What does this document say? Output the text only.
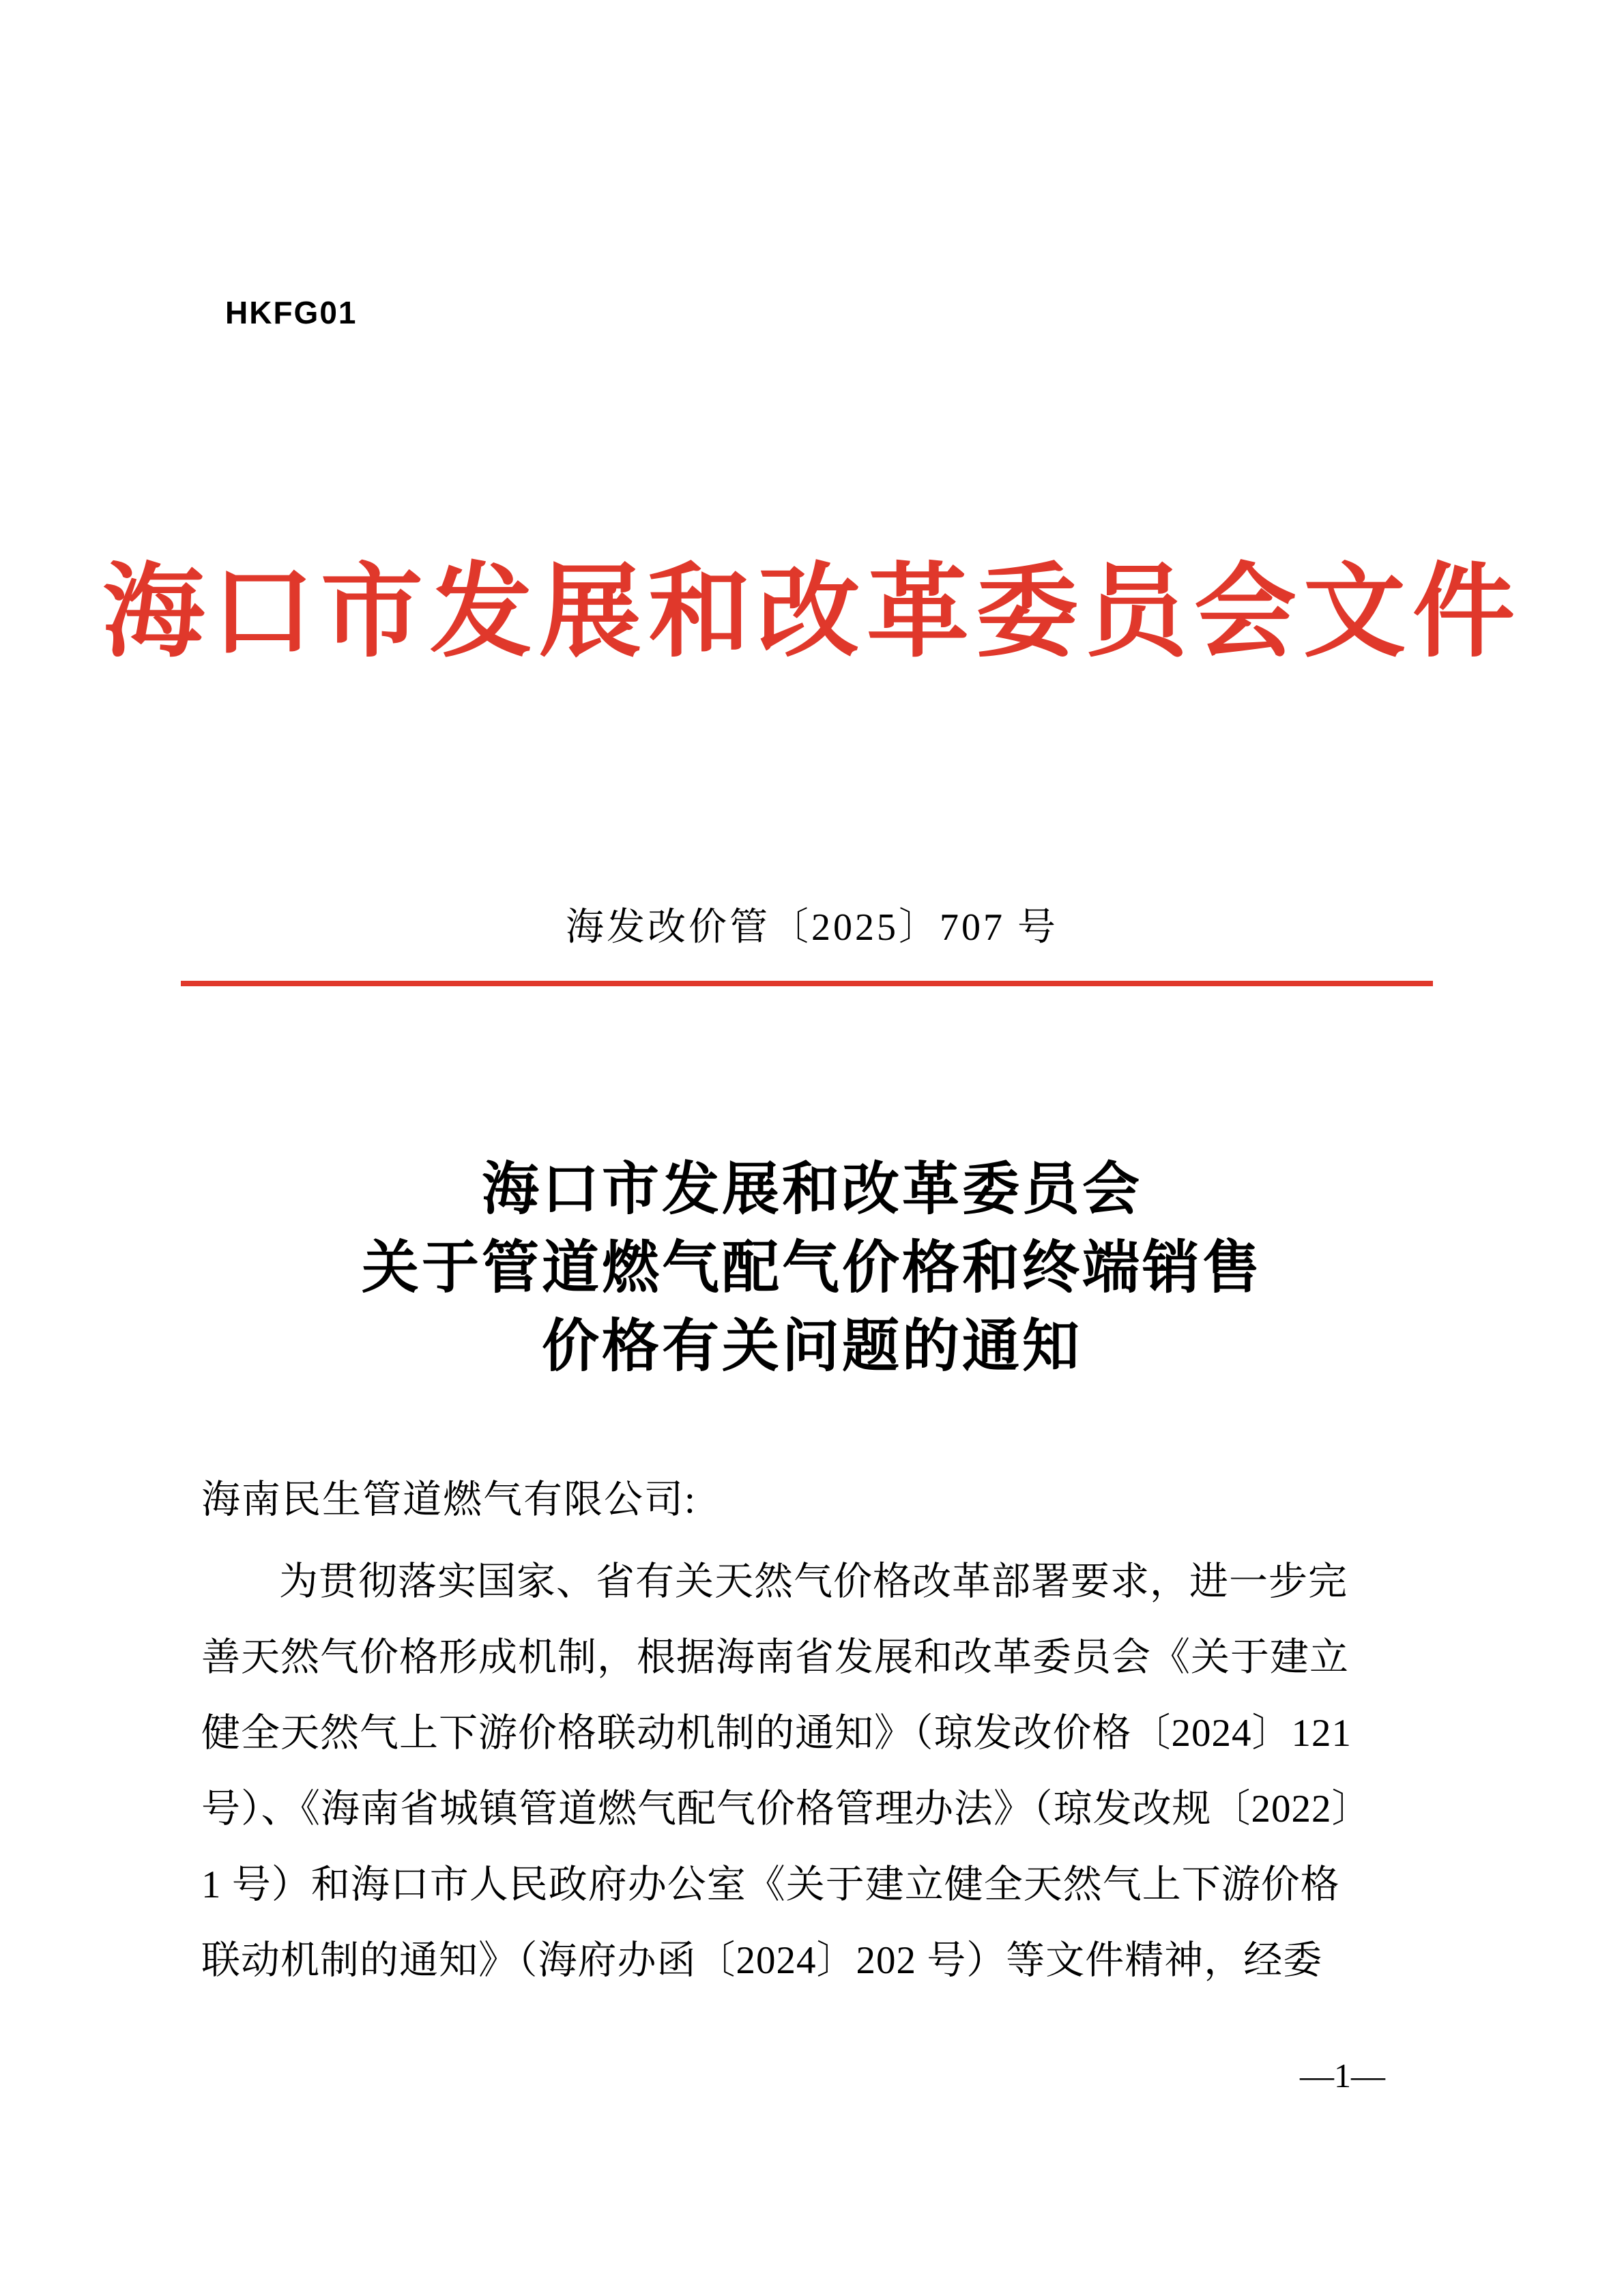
HKFG01
海口市发展和改革委员会文件
海发改价管〔2025〕707 号
海口市发展和改革委员会
关于管道燃气配气价格和终端销售
价格有关问题的通知
海南民生管道燃气有限公司:
为贯彻落实国家、省有关天然气价格改革部署要求，进一步完
善天然气价格形成机制，根据海南省发展和改革委员会《关于建立
健全天然气上下游价格联动机制的通知》（琼发改价格〔2024〕121
号）、《海南省城镇管道燃气配气价格管理办法》（琼发改规〔2022〕
1 号）和海口市人民政府办公室《关于建立健全天然气上下游价格
联动机制的通知》（海府办函〔2024〕202 号）等文件精神，经委
—1—
